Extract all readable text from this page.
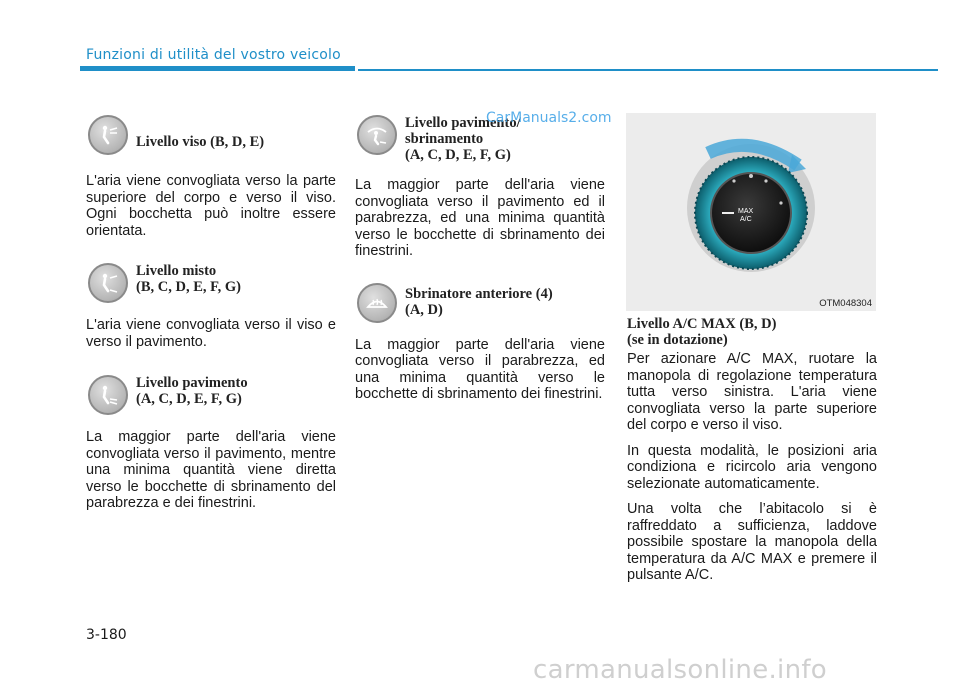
Funzioni di utilità del vostro veicolo
Livello viso (B, D, E)

L'aria viene convogliata verso la parte superiore del corpo e verso il viso. Ogni bocchetta può inoltre essere orientata.

Livello misto
(B, C, D, E, F, G)

L'aria viene convogliata verso il viso e verso il pavimento.

Livello pavimento
(A, C, D, E, F, G)

La maggior parte dell'aria viene convogliata verso il pavimento, mentre una minima quantità viene diretta verso le bocchette di sbrinamento del parabrezza e dei finestrini.

Livello pavimento/
sbrinamento
(A, C, D, E, F, G)

La maggior parte dell'aria viene convogliata verso il pavimento ed il parabrezza, ed una minima quantità verso le bocchette di sbrinamento dei finestrini.

Sbrinatore anteriore (4)
(A, D)

La maggior parte dell'aria viene convogliata verso il parabrezza, ed una minima quantità verso le bocchette di sbrinamento dei finestrini.

MAX
A/C
OTM048304
Livello A/C MAX (B, D)
(se in dotazione)

Per azionare A/C MAX, ruotare la manopola di regolazione temperatura tutta verso sinistra. L'aria viene convogliata verso la parte superiore del corpo e verso il viso.

In questa modalità, le posizioni aria condiziona e ricircolo aria vengono selezionate automaticamente.

Una volta che l’abitacolo si è raffreddato a sufficienza, laddove possibile spostare la manopola della temperatura da A/C MAX e premere il pulsante A/C.

CarManuals2.com
3-180
carmanualsonline.info
